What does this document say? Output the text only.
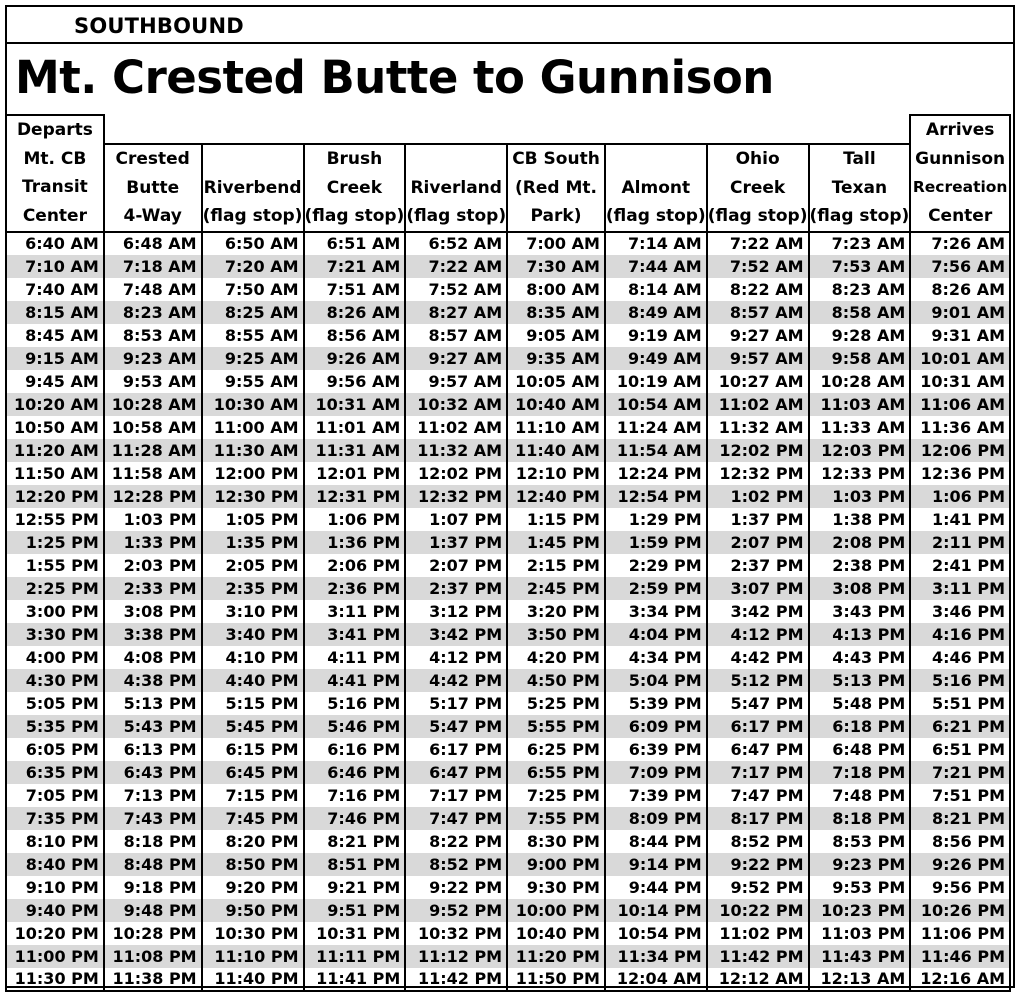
SOUTHBOUND
Mt. Crested Butte to Gunnison
Departs
Mt. CB
Transit
Center									Arrives
Gunnison
Recreation
Center

	Crested
Butte
4-Way	Riverbend
(flag stop)	Brush
Creek
(flag stop)	Riverland
(flag stop)	CB South
(Red Mt.
Park)	Almont
(flag stop)	Ohio
Creek
(flag stop)	Tall
Texan
(flag stop)	

6:40 AM	6:48 AM	6:50 AM	6:51 AM	6:52 AM	7:00 AM	7:14 AM	7:22 AM	7:23 AM	7:26 AM
7:10 AM	7:18 AM	7:20 AM	7:21 AM	7:22 AM	7:30 AM	7:44 AM	7:52 AM	7:53 AM	7:56 AM
7:40 AM	7:48 AM	7:50 AM	7:51 AM	7:52 AM	8:00 AM	8:14 AM	8:22 AM	8:23 AM	8:26 AM
8:15 AM	8:23 AM	8:25 AM	8:26 AM	8:27 AM	8:35 AM	8:49 AM	8:57 AM	8:58 AM	9:01 AM
8:45 AM	8:53 AM	8:55 AM	8:56 AM	8:57 AM	9:05 AM	9:19 AM	9:27 AM	9:28 AM	9:31 AM
9:15 AM	9:23 AM	9:25 AM	9:26 AM	9:27 AM	9:35 AM	9:49 AM	9:57 AM	9:58 AM	10:01 AM
9:45 AM	9:53 AM	9:55 AM	9:56 AM	9:57 AM	10:05 AM	10:19 AM	10:27 AM	10:28 AM	10:31 AM
10:20 AM	10:28 AM	10:30 AM	10:31 AM	10:32 AM	10:40 AM	10:54 AM	11:02 AM	11:03 AM	11:06 AM
10:50 AM	10:58 AM	11:00 AM	11:01 AM	11:02 AM	11:10 AM	11:24 AM	11:32 AM	11:33 AM	11:36 AM
11:20 AM	11:28 AM	11:30 AM	11:31 AM	11:32 AM	11:40 AM	11:54 AM	12:02 PM	12:03 PM	12:06 PM
11:50 AM	11:58 AM	12:00 PM	12:01 PM	12:02 PM	12:10 PM	12:24 PM	12:32 PM	12:33 PM	12:36 PM
12:20 PM	12:28 PM	12:30 PM	12:31 PM	12:32 PM	12:40 PM	12:54 PM	1:02 PM	1:03 PM	1:06 PM
12:55 PM	1:03 PM	1:05 PM	1:06 PM	1:07 PM	1:15 PM	1:29 PM	1:37 PM	1:38 PM	1:41 PM
1:25 PM	1:33 PM	1:35 PM	1:36 PM	1:37 PM	1:45 PM	1:59 PM	2:07 PM	2:08 PM	2:11 PM
1:55 PM	2:03 PM	2:05 PM	2:06 PM	2:07 PM	2:15 PM	2:29 PM	2:37 PM	2:38 PM	2:41 PM
2:25 PM	2:33 PM	2:35 PM	2:36 PM	2:37 PM	2:45 PM	2:59 PM	3:07 PM	3:08 PM	3:11 PM
3:00 PM	3:08 PM	3:10 PM	3:11 PM	3:12 PM	3:20 PM	3:34 PM	3:42 PM	3:43 PM	3:46 PM
3:30 PM	3:38 PM	3:40 PM	3:41 PM	3:42 PM	3:50 PM	4:04 PM	4:12 PM	4:13 PM	4:16 PM
4:00 PM	4:08 PM	4:10 PM	4:11 PM	4:12 PM	4:20 PM	4:34 PM	4:42 PM	4:43 PM	4:46 PM
4:30 PM	4:38 PM	4:40 PM	4:41 PM	4:42 PM	4:50 PM	5:04 PM	5:12 PM	5:13 PM	5:16 PM
5:05 PM	5:13 PM	5:15 PM	5:16 PM	5:17 PM	5:25 PM	5:39 PM	5:47 PM	5:48 PM	5:51 PM
5:35 PM	5:43 PM	5:45 PM	5:46 PM	5:47 PM	5:55 PM	6:09 PM	6:17 PM	6:18 PM	6:21 PM
6:05 PM	6:13 PM	6:15 PM	6:16 PM	6:17 PM	6:25 PM	6:39 PM	6:47 PM	6:48 PM	6:51 PM
6:35 PM	6:43 PM	6:45 PM	6:46 PM	6:47 PM	6:55 PM	7:09 PM	7:17 PM	7:18 PM	7:21 PM
7:05 PM	7:13 PM	7:15 PM	7:16 PM	7:17 PM	7:25 PM	7:39 PM	7:47 PM	7:48 PM	7:51 PM
7:35 PM	7:43 PM	7:45 PM	7:46 PM	7:47 PM	7:55 PM	8:09 PM	8:17 PM	8:18 PM	8:21 PM
8:10 PM	8:18 PM	8:20 PM	8:21 PM	8:22 PM	8:30 PM	8:44 PM	8:52 PM	8:53 PM	8:56 PM
8:40 PM	8:48 PM	8:50 PM	8:51 PM	8:52 PM	9:00 PM	9:14 PM	9:22 PM	9:23 PM	9:26 PM
9:10 PM	9:18 PM	9:20 PM	9:21 PM	9:22 PM	9:30 PM	9:44 PM	9:52 PM	9:53 PM	9:56 PM
9:40 PM	9:48 PM	9:50 PM	9:51 PM	9:52 PM	10:00 PM	10:14 PM	10:22 PM	10:23 PM	10:26 PM
10:20 PM	10:28 PM	10:30 PM	10:31 PM	10:32 PM	10:40 PM	10:54 PM	11:02 PM	11:03 PM	11:06 PM
11:00 PM	11:08 PM	11:10 PM	11:11 PM	11:12 PM	11:20 PM	11:34 PM	11:42 PM	11:43 PM	11:46 PM
11:30 PM	11:38 PM	11:40 PM	11:41 PM	11:42 PM	11:50 PM	12:04 AM	12:12 AM	12:13 AM	12:16 AM
